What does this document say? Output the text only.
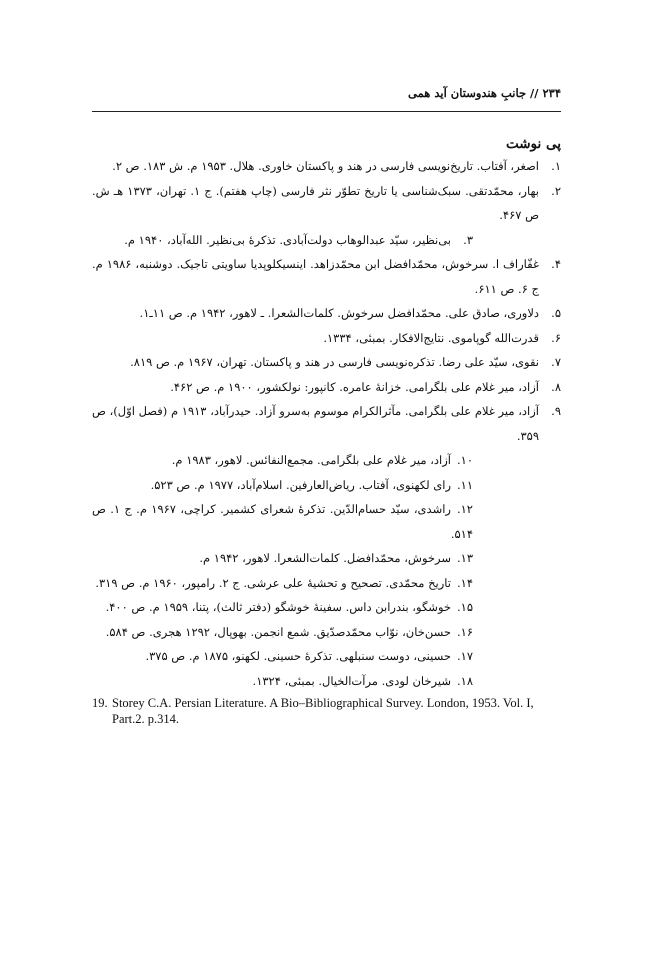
۲۳۴ // جانبِ هندوستان آید همی
پی نوشت
۱.
اصغر، آفتاب. تاریخ‌نویسی فارسی در هند و پاکستان خاوری. هلال. ۱۹۵۳ م. ش ۱۸۳. ص ۲.
۲.
بهار، محمّدتقی. سبک‌شناسی یا تاریخ تطوّر نثر فارسی (چاپ هفتم). ج ۱. تهران، ۱۳۷۳ هـ ش. ص ۴۶۷.
۳.بی‌نظیر، سیّد عبدالوهاب دولت‌آبادی. تذکرهٔ بی‌نظیر. الله‌آباد، ۱۹۴۰ م.
۴.
غفّاراف ا. سرخوش، محمّدافضل ابن محمّدزاهد. اینسیکلوپدیا ساویتی تاجیک. دوشنبه، ۱۹۸۶ م. ج ۶. ص ۶۱۱.
۵.دلاوری، صادق علی. محمّدافضل سرخوش. کلمات‌الشعرا. ـ لاهور، ۱۹۴۲ م. ص ۱۱ـ۱.
۶.قدرت‌الله گوپاموی. نتایج‌الافکار. بمبئی، ۱۳۳۴.
۷.نقوی، سیّد علی رضا. تذکره‌نویسی فارسی در هند و پاکستان. تهران، ۱۹۶۷ م. ص ۸۱۹.
۸.آزاد، میر غلام علی بلگرامی. خزانهٔ عامره. کانپور: نولکشور، ۱۹۰۰ م. ص ۴۶۲.
۹.
آزاد، میر غلام علی بلگرامی. مآثرالکرام موسوم به‌سرو آزاد. حیدرآباد، ۱۹۱۳ م (فصل اوّل)، ص ۳۵۹.
۱۰.آزاد، میر غلام علی بلگرامی. مجمع‌النفائس. لاهور، ۱۹۸۳ م.
۱۱.رای لکهنوی، آفتاب. ریاض‌العارفین. اسلام‌آباد، ۱۹۷۷ م. ص ۵۲۳.
۱۲.راشدی، سیّد حسام‌الدّین. تذکرهٔ شعرای کشمیر. کراچی، ۱۹۶۷ م. ج ۱. ص ۵۱۴.
۱۳.سرخوش، محمّدافضل. کلمات‌الشعرا. لاهور، ۱۹۴۲ م.
۱۴.تاریخ محمّدی. تصحیح و تحشیهٔ علی عرشی. ج ۲. رامپور، ۱۹۶۰ م. ص ۳۱۹.
۱۵.خوشگو، بندرابن داس. سفینهٔ خوشگو (دفتر ثالث)، پتنا، ۱۹۵۹ م. ص ۴۰۰.
۱۶.حسن‌خان، نوّاب محمّدصدّیق. شمع انجمن. بهوپال، ۱۲۹۲ هجری. ص ۵۸۴.
۱۷.حسینی، دوست سنبلهی. تذکرهٔ حسینی. لکهنو، ۱۸۷۵ م. ص ۳۷۵.
۱۸.شیرخان لودی. مرآت‌الخیال. بمبئی، ۱۳۲۴.
19. Storey C.A. Persian Literature. A Bio–Bibliographical Survey. London, 1953. Vol. I, Part.2. p.314.
